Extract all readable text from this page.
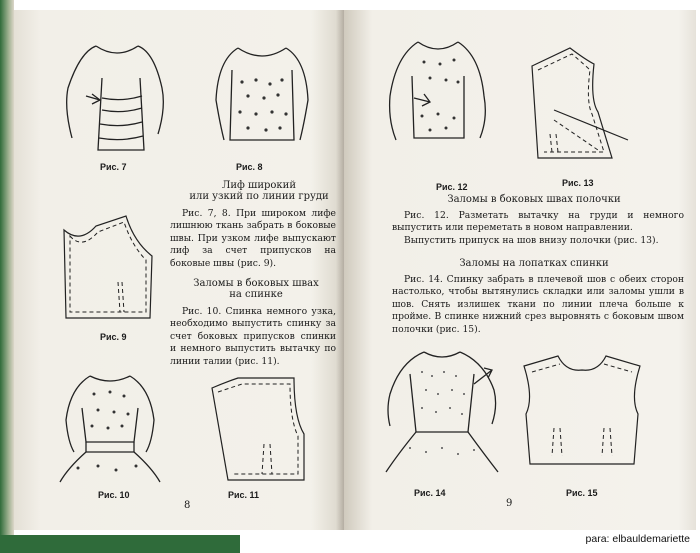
Рис. 7	Рис. 8
Лиф широкий
или узкий по линии груди

Рис. 7, 8. При широком лифе лишнюю ткань забрать в боковые швы. При узком лифе выпускают лиф за счет припусков на боковые швы (рис. 9).

Рис. 9
Заломы в боковых швах
на спинке

Рис. 10. Спинка немного узка, необходимо выпустить спинку за счет боковых припусков спинки и немного выпустить вытачку по линии талии (рис. 11).

Рис. 10	Рис. 11
8
Рис. 12	Рис. 13
Заломы в боковых швах полочки

Рис. 12. Разметать вытачку на груди и немного выпустить или переметать в новом направлении.

Выпустить припуск на шов внизу полочки (рис. 13).

Заломы на лопатках спинки

Рис. 14. Спинку забрать в плечевой шов с обеих сторон настолько, чтобы вытянулись складки или заломы ушли в шов. Снять излишек ткани по линии плеча больше к пройме. В спинке нижний срез выровнять с боковым швом полочки (рис. 15).

Рис. 14	Рис. 15
9
para: elbauldemariette
